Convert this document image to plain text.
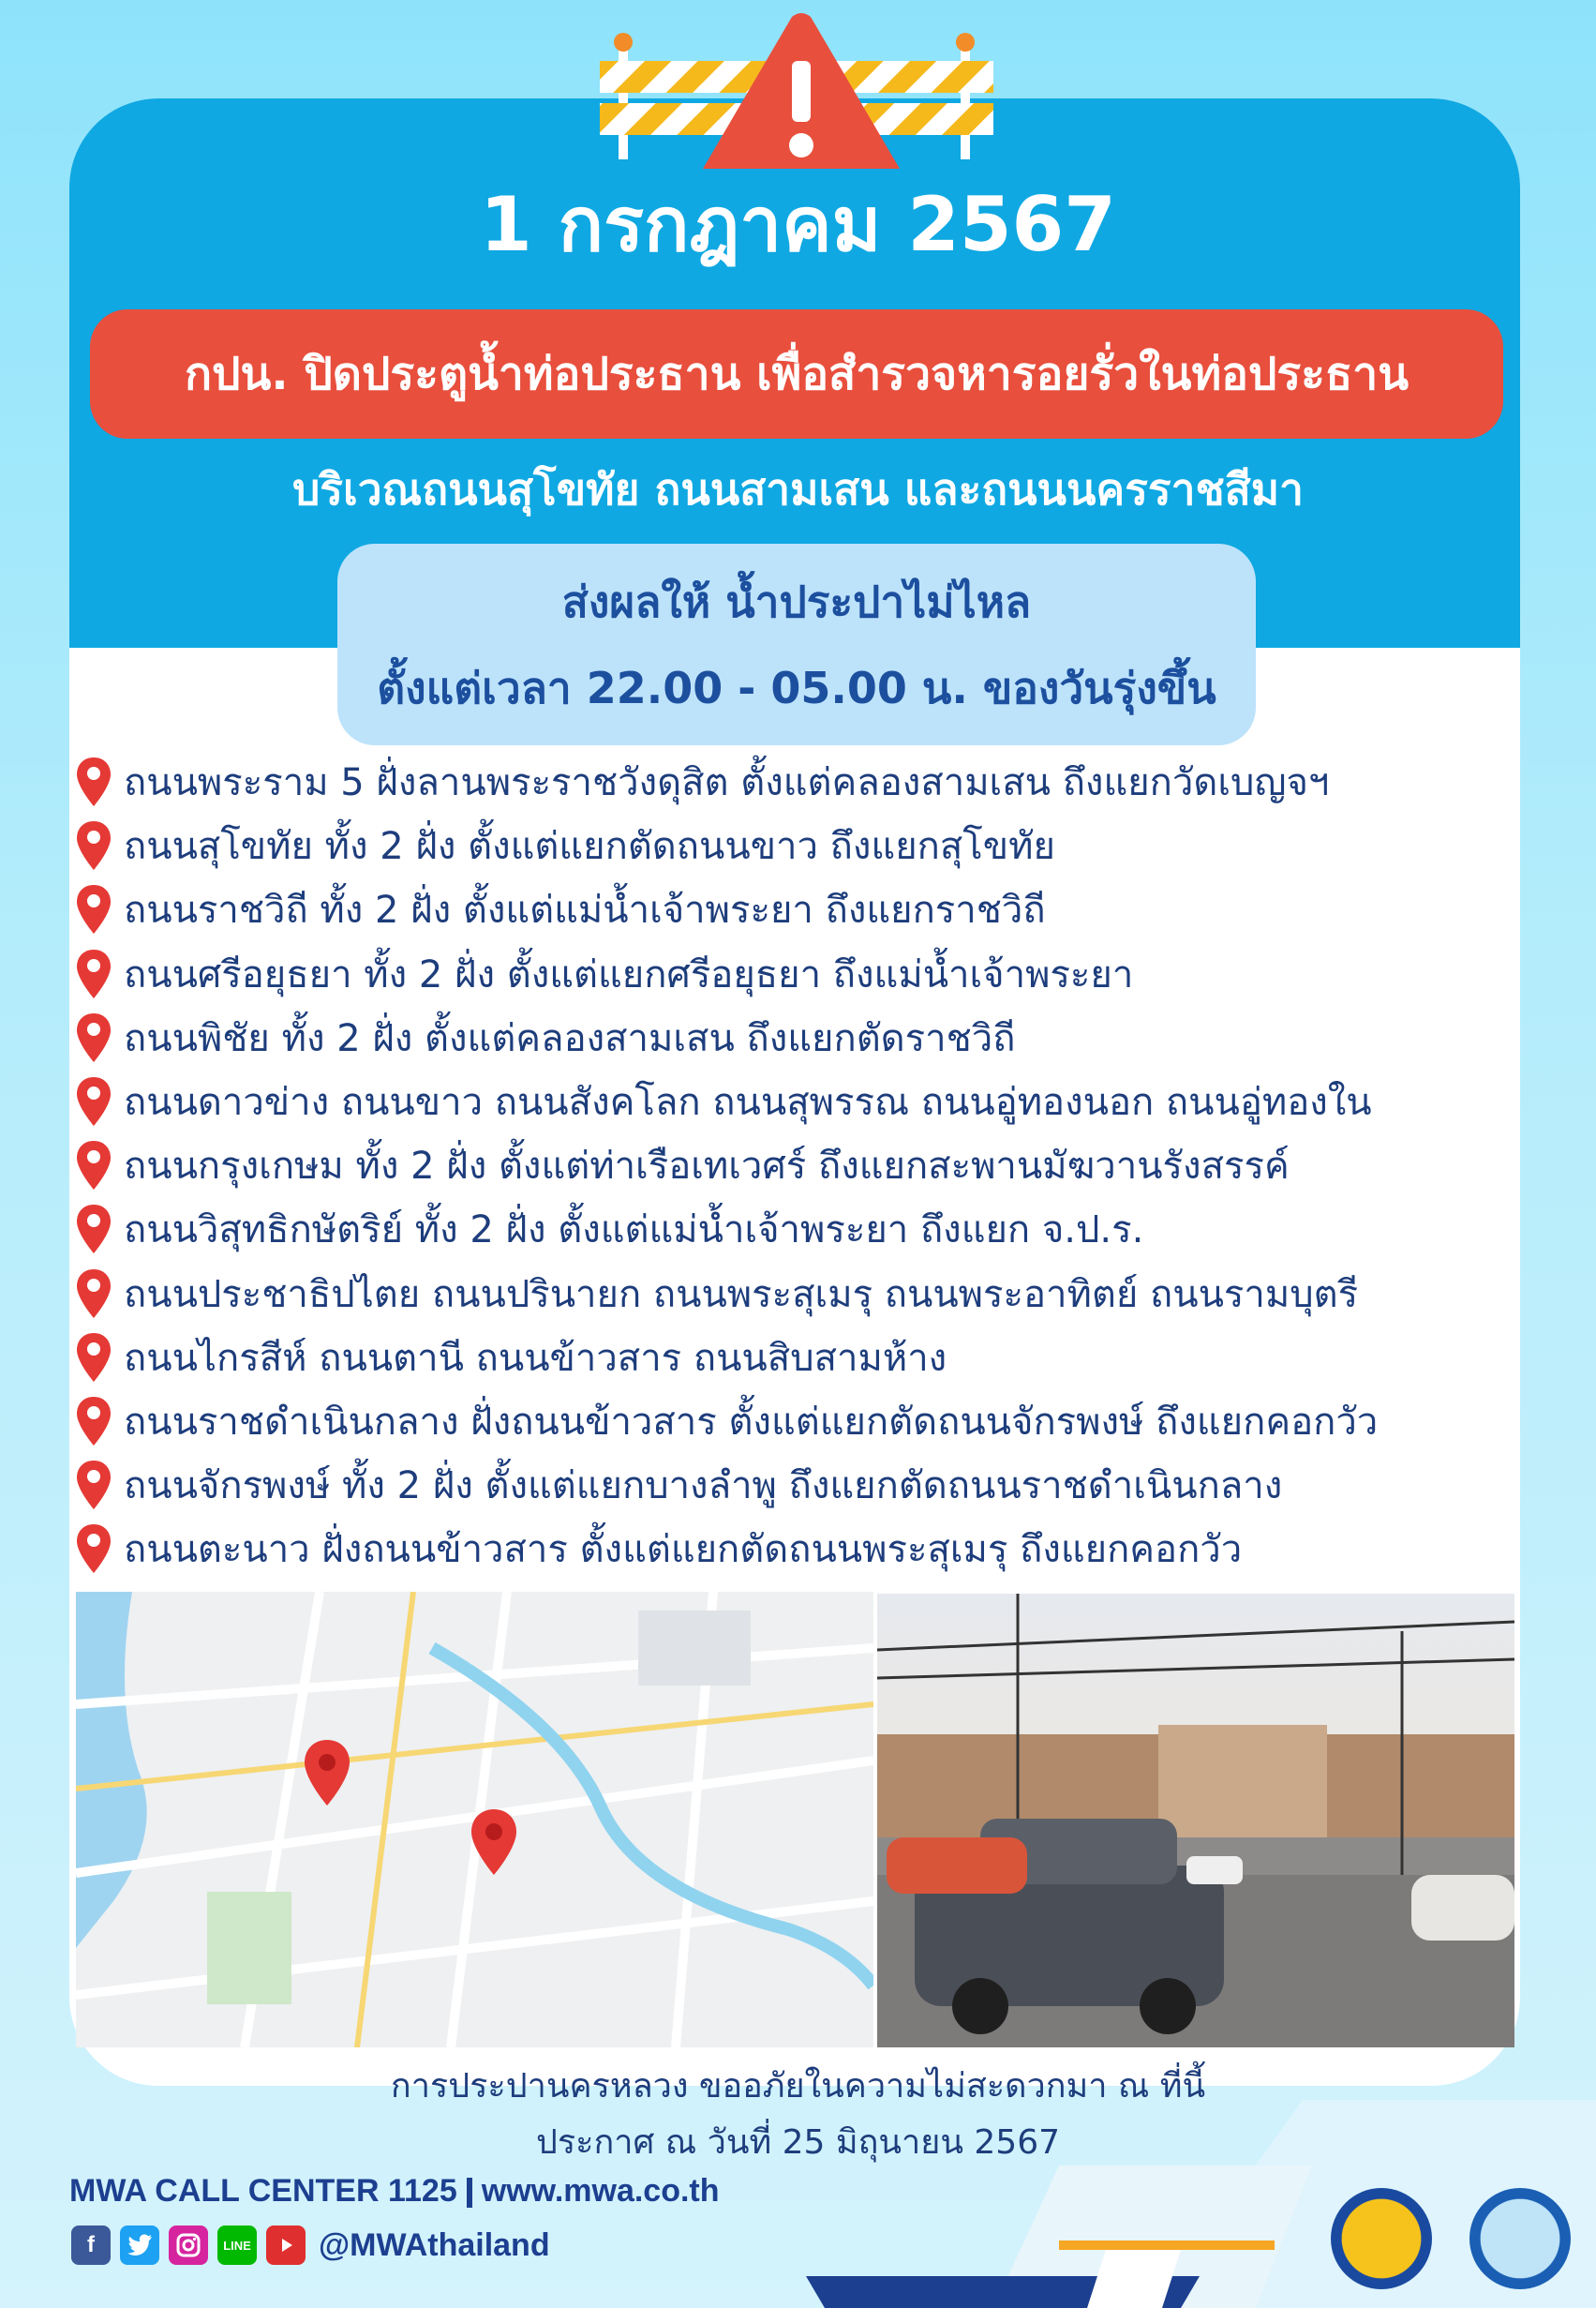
1 กรกฎาคม 2567
กปน. ปิดประตูน้ำท่อประธาน เพื่อสำรวจหารอยรั่วในท่อประธาน
บริเวณถนนสุโขทัย ถนนสามเสน และถนนนครราชสีมา
ส่งผลให้ น้ำประปาไม่ไหล
ตั้งแต่เวลา 22.00 - 05.00 น. ของวันรุ่งขึ้น
ถนนพระราม 5 ฝั่งลานพระราชวังดุสิต ตั้งแต่คลองสามเสน ถึงแยกวัดเบญจฯ
ถนนสุโขทัย ทั้ง 2 ฝั่ง ตั้งแต่แยกตัดถนนขาว ถึงแยกสุโขทัย
ถนนราชวิถี ทั้ง 2 ฝั่ง ตั้งแต่แม่น้ำเจ้าพระยา ถึงแยกราชวิถี
ถนนศรีอยุธยา ทั้ง 2 ฝั่ง ตั้งแต่แยกศรีอยุธยา ถึงแม่น้ำเจ้าพระยา
ถนนพิชัย ทั้ง 2 ฝั่ง ตั้งแต่คลองสามเสน ถึงแยกตัดราชวิถี
ถนนดาวข่าง ถนนขาว ถนนสังคโลก ถนนสุพรรณ ถนนอู่ทองนอก ถนนอู่ทองใน
ถนนกรุงเกษม ทั้ง 2 ฝั่ง ตั้งแต่ท่าเรือเทเวศร์ ถึงแยกสะพานมัฆวานรังสรรค์
ถนนวิสุทธิกษัตริย์ ทั้ง 2 ฝั่ง ตั้งแต่แม่น้ำเจ้าพระยา ถึงแยก จ.ป.ร.
ถนนประชาธิปไตย ถนนปรินายก ถนนพระสุเมรุ ถนนพระอาทิตย์ ถนนรามบุตรี
ถนนไกรสีห์ ถนนตานี ถนนข้าวสาร ถนนสิบสามห้าง
ถนนราชดำเนินกลาง ฝั่งถนนข้าวสาร ตั้งแต่แยกตัดถนนจักรพงษ์ ถึงแยกคอกวัว
ถนนจักรพงษ์ ทั้ง 2 ฝั่ง ตั้งแต่แยกบางลำพู ถึงแยกตัดถนนราชดำเนินกลาง
ถนนตะนาว ฝั่งถนนข้าวสาร ตั้งแต่แยกตัดถนนพระสุเมรุ ถึงแยกคอกวัว
การประปานครหลวง ขออภัยในความไม่สะดวกมา ณ ที่นี้
ประกาศ ณ วันที่ 25 มิถุนายน 2567
MWA CALL CENTER 1125 www.mwa.co.th
f	LINE @MWAthailand
